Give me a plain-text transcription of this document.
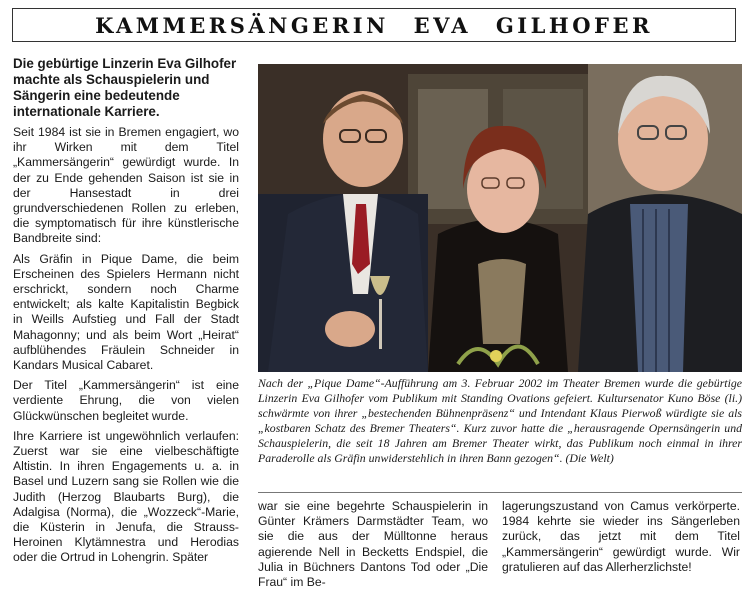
KAMMERSÄNGERIN EVA GILHOFER

Die gebürtige Linzerin Eva Gilhofer machte als Schauspielerin und Sängerin eine bedeutende internationale Karriere.

Seit 1984 ist sie in Bremen engagiert, wo ihr Wirken mit dem Titel „Kammersängerin“ gewürdigt wurde. In der zu Ende gehenden Saison ist sie in der Hansestadt in drei grundverschiedenen Rollen zu erleben, die symptomatisch für ihre künstlerische Bandbreite sind:

Als Gräfin in Pique Dame, die beim Erscheinen des Spielers Hermann nicht erschrickt, sondern noch Charme entwickelt; als kalte Kapitalistin Begbick in Weills Aufstieg und Fall der Stadt Mahagonny; und als beim Wort „Heirat“ aufblühendes Fräulein Schneider in Kandars Musical Cabaret.

Der Titel „Kammersängerin“ ist eine verdiente Ehrung, die von vielen Glückwünschen begleitet wurde.

Ihre Karriere ist ungewöhnlich verlaufen: Zuerst war sie eine vielbeschäftigte Altistin. In ihren Engagements u. a. in Basel und Luzern sang sie Rollen wie die Judith (Herzog Blaubarts Burg), die Adalgisa (Norma), die „Wozzeck“-Marie, die Küsterin in Jenufa, die Strauss-Heroinen Klytämnestra und Herodias oder die Ortrud in Lohengrin. Später

Nach der „Pique Dame“-Aufführung am 3. Februar 2002 im Theater Bremen wurde die gebürtige Linzerin Eva Gilhofer vom Publikum mit Standing Ovations gefeiert. Kultursenator Kuno Böse (li.) schwärmte von ihrer „bestechenden Bühnenpräsenz“ und Intendant Klaus Pierwoß würdigte sie als „kostbaren Schatz des Bremer Theaters“. Kurz zuvor hatte die „herausragende Opernsängerin und Schauspielerin, die seit 18 Jahren am Bremer Theater wirkt, das Publikum noch einmal in ihrer Paraderolle als Gräfin unwiderstehlich in ihren Bann gezogen“. (Die Welt)

war sie eine begehrte Schauspielerin in Günter Krämers Darmstädter Team, wo sie die aus der Mülltonne heraus agierende Nell in Becketts Endspiel, die Julia in Büchners Dantons Tod oder „Die Frau“ im Be-

lagerungszustand von Camus verkörperte. 1984 kehrte sie wieder ins Sängerleben zurück, das jetzt mit dem Titel „Kammersängerin“ gewürdigt wurde. Wir gratulieren auf das Allerherzlichste!
